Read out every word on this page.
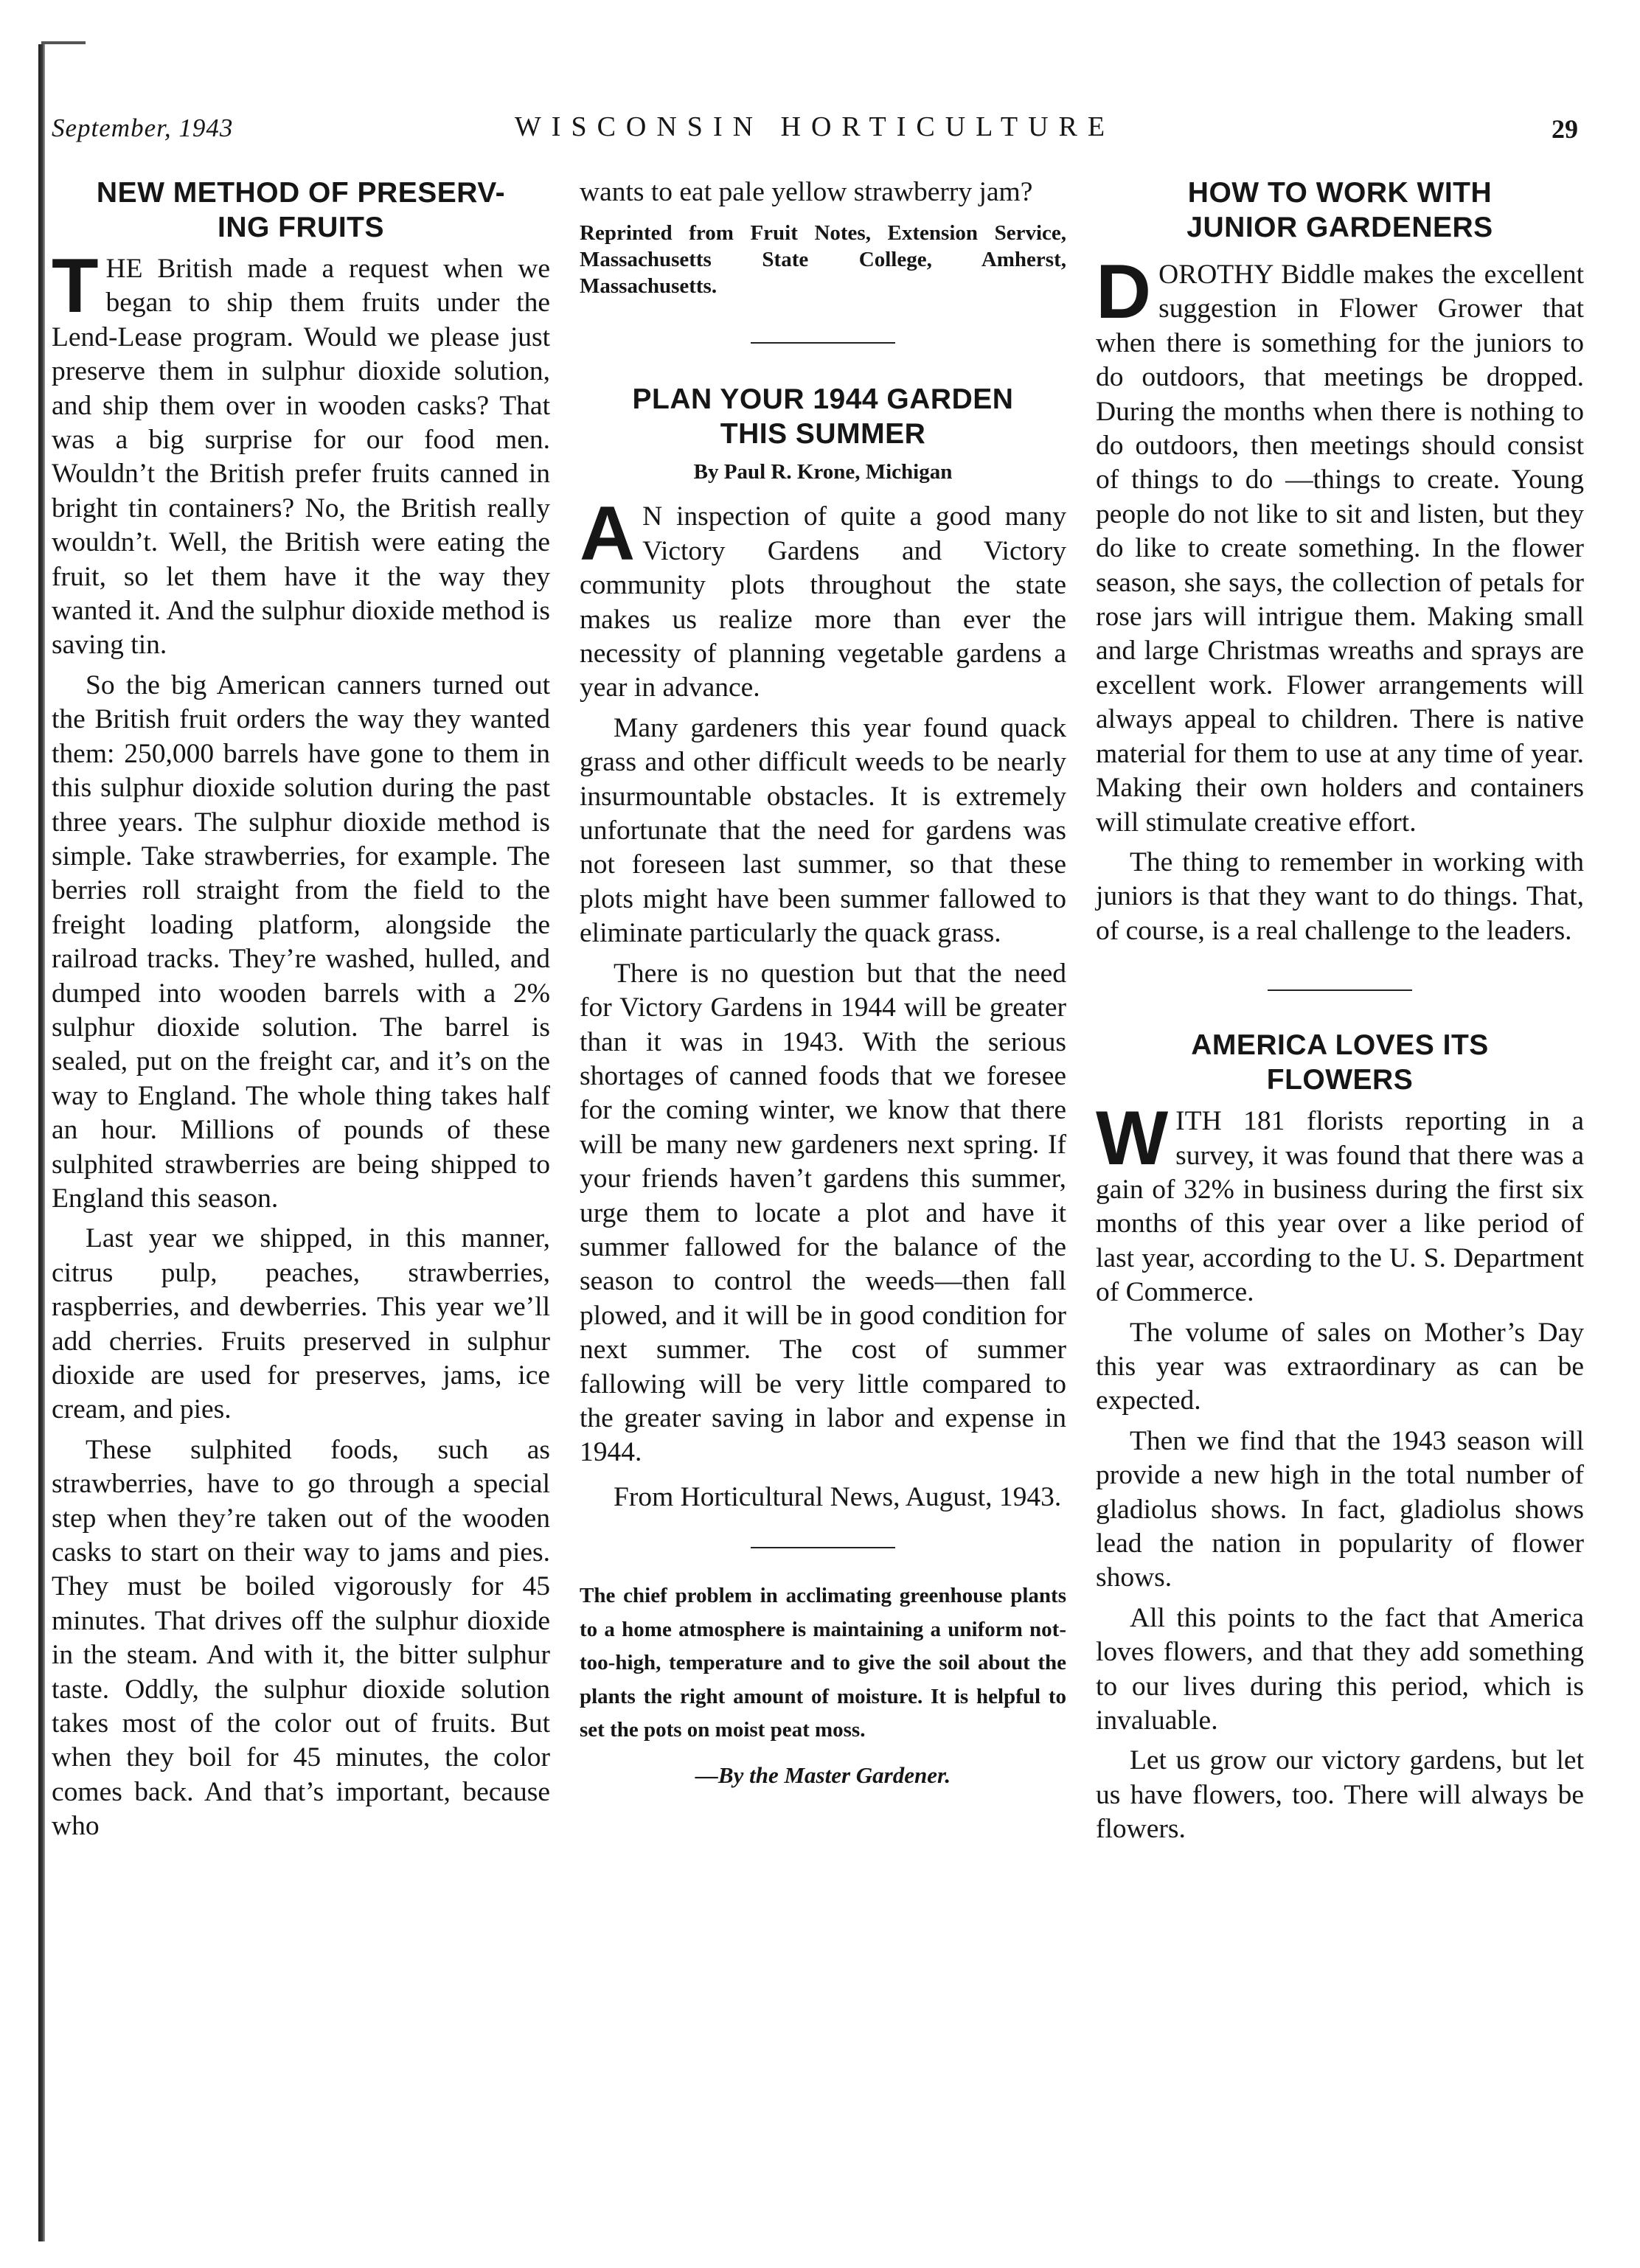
September, 1943	WISCONSIN HORTICULTURE	29
NEW METHOD OF PRESERV-
ING FRUITS

THE British made a request when we began to ship them fruits under the Lend-Lease program. Would we please just preserve them in sulphur dioxide solution, and ship them over in wooden casks? That was a big surprise for our food men. Wouldn’t the British prefer fruits canned in bright tin containers? No, the British really wouldn’t. Well, the British were eating the fruit, so let them have it the way they wanted it. And the sulphur dioxide method is saving tin.

So the big American canners turned out the British fruit orders the way they wanted them: 250,000 barrels have gone to them in this sulphur dioxide solution during the past three years. The sulphur dioxide method is simple. Take strawberries, for example. The berries roll straight from the field to the freight loading platform, alongside the railroad tracks. They’re washed, hulled, and dumped into wooden barrels with a 2% sulphur dioxide solution. The barrel is sealed, put on the freight car, and it’s on the way to England. The whole thing takes half an hour. Millions of pounds of these sulphited strawberries are being shipped to England this season.

Last year we shipped, in this manner, citrus pulp, peaches, strawberries, raspberries, and dewberries. This year we’ll add cherries. Fruits preserved in sulphur dioxide are used for preserves, jams, ice cream, and pies.

These sulphited foods, such as strawberries, have to go through a special step when they’re taken out of the wooden casks to start on their way to jams and pies. They must be boiled vigorously for 45 minutes. That drives off the sulphur dioxide in the steam. And with it, the bitter sulphur taste. Oddly, the sulphur dioxide solution takes most of the color out of fruits. But when they boil for 45 minutes, the color comes back. And that’s important, because who

wants to eat pale yellow strawberry jam?

Reprinted from Fruit Notes, Extension Service, Massachusetts State College, Amherst, Massachusetts.
PLAN YOUR 1944 GARDEN
THIS SUMMER
By Paul R. Krone, Michigan

A N inspection of quite a good many Victory Gardens and Victory community plots throughout the state makes us realize more than ever the necessity of planning vegetable gardens a year in advance.

Many gardeners this year found quack grass and other difficult weeds to be nearly insurmountable obstacles. It is extremely unfortunate that the need for gardens was not foreseen last summer, so that these plots might have been summer fallowed to eliminate particularly the quack grass.

There is no question but that the need for Victory Gardens in 1944 will be greater than it was in 1943. With the serious shortages of canned foods that we foresee for the coming winter, we know that there will be many new gardeners next spring. If your friends haven’t gardens this summer, urge them to locate a plot and have it summer fallowed for the balance of the season to control the weeds—then fall plowed, and it will be in good condition for next summer. The cost of summer fallowing will be very little compared to the greater saving in labor and expense in 1944.

From Horticultural News, August, 1943.

The chief problem in acclimating greenhouse plants to a home atmosphere is maintaining a uniform not-too-high, temperature and to give the soil about the plants the right amount of moisture. It is helpful to set the pots on moist peat moss.
—By the Master Gardener.
HOW TO WORK WITH
JUNIOR GARDENERS

DOROTHY Biddle makes the excellent suggestion in Flower Grower that when there is something for the juniors to do outdoors, that meetings be dropped. During the months when there is nothing to do outdoors, then meetings should consist of things to do —things to create. Young people do not like to sit and listen, but they do like to create something. In the flower season, she says, the collection of petals for rose jars will intrigue them. Making small and large Christmas wreaths and sprays are excellent work. Flower arrangements will always appeal to children. There is native material for them to use at any time of year. Making their own holders and containers will stimulate creative effort.

The thing to remember in working with juniors is that they want to do things. That, of course, is a real challenge to the leaders.

AMERICA LOVES ITS
FLOWERS

WITH 181 florists reporting in a survey, it was found that there was a gain of 32% in business during the first six months of this year over a like period of last year, according to the U. S. Department of Commerce.

The volume of sales on Mother’s Day this year was extraordinary as can be expected.

Then we find that the 1943 season will provide a new high in the total number of gladiolus shows. In fact, gladiolus shows lead the nation in popularity of flower shows.

All this points to the fact that America loves flowers, and that they add something to our lives during this period, which is invaluable.

Let us grow our victory gardens, but let us have flowers, too. There will always be flowers.
